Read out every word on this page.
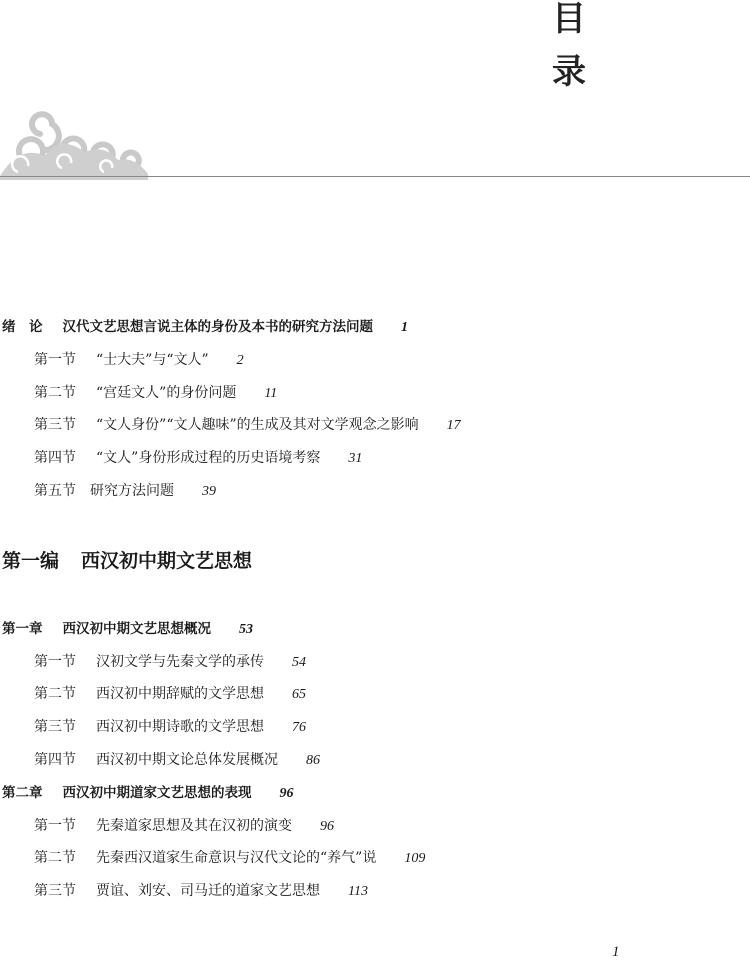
目
录
绪　论 汉代文艺思想言说主体的身份及本书的研究方法问题 1
第一节 “士大夫”与“文人” 2
第二节 “宫廷文人”的身份问题 11
第三节 “文人身份”“文人趣味”的生成及其对文学观念之影响 17
第四节 “文人”身份形成过程的历史语境考察 31
第五节 研究方法问题 39
第一编 西汉初中期文艺思想
第一章 西汉初中期文艺思想概况 53
第一节 汉初文学与先秦文学的承传 54
第二节 西汉初中期辞赋的文学思想 65
第三节 西汉初中期诗歌的文学思想 76
第四节 西汉初中期文论总体发展概况 86
第二章 西汉初中期道家文艺思想的表现 96
第一节 先秦道家思想及其在汉初的演变 96
第二节 先秦西汉道家生命意识与汉代文论的“养气”说 109
第三节 贾谊、刘安、司马迁的道家文艺思想 113
1
